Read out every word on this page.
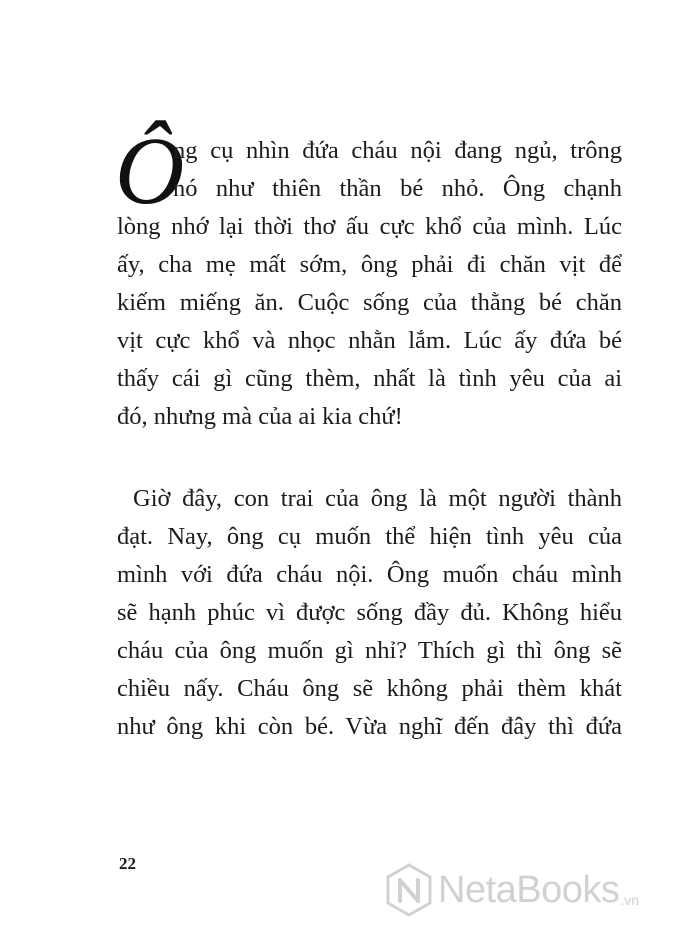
Ô
ng cụ nhìn đứa cháu nội đang ngủ, trông
nó như thiên thần bé nhỏ. Ông chạnh
lòng nhớ lại thời thơ ấu cực khổ của mình. Lúc
ấy, cha mẹ mất sớm, ông phải đi chăn vịt để
kiếm miếng ăn. Cuộc sống của thằng bé chăn
vịt cực khổ và nhọc nhằn lắm. Lúc ấy đứa bé
thấy cái gì cũng thèm, nhất là tình yêu của ai
đó, nhưng mà của ai kia chứ!
Giờ đây, con trai của ông là một người thành
đạt. Nay, ông cụ muốn thể hiện tình yêu của
mình với đứa cháu nội. Ông muốn cháu mình
sẽ hạnh phúc vì được sống đầy đủ. Không hiểu
cháu của ông muốn gì nhỉ? Thích gì thì ông sẽ
chiều nấy. Cháu ông sẽ không phải thèm khát
như ông khi còn bé. Vừa nghĩ đến đây thì đứa
22
NetaBooks .vn
